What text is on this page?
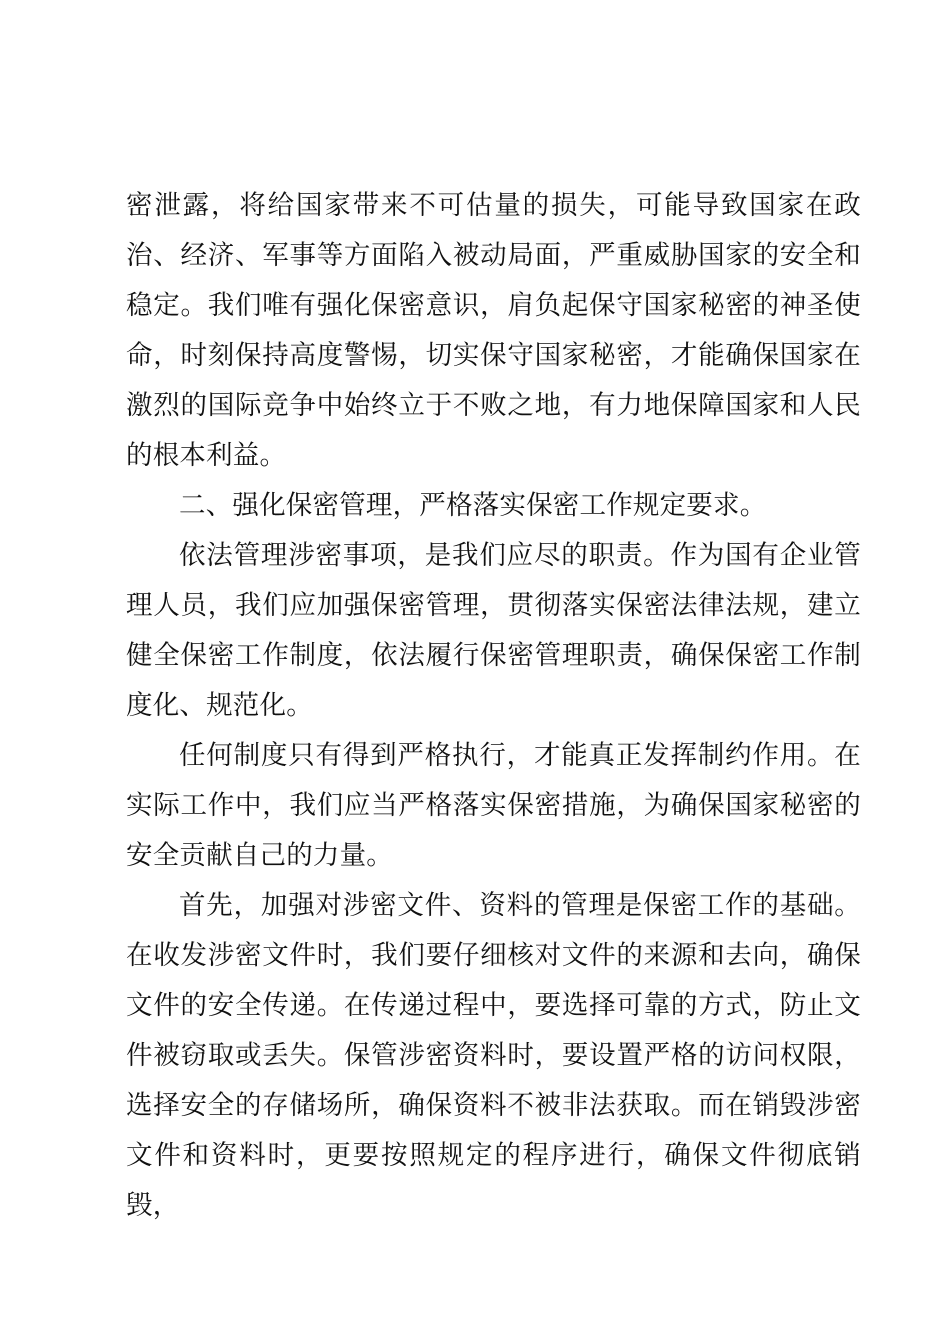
密泄露，将给国家带来不可估量的损失，可能导致国家在政治、经济、军事等方面陷入被动局面，严重威胁国家的安全和稳定。我们唯有强化保密意识，肩负起保守国家秘密的神圣使命，时刻保持高度警惕，切实保守国家秘密，才能确保国家在激烈的国际竞争中始终立于不败之地，有力地保障国家和人民的根本利益。

二、强化保密管理，严格落实保密工作规定要求。

依法管理涉密事项，是我们应尽的职责。作为国有企业管理人员，我们应加强保密管理，贯彻落实保密法律法规，建立健全保密工作制度，依法履行保密管理职责，确保保密工作制度化、规范化。

任何制度只有得到严格执行，才能真正发挥制约作用。在实际工作中，我们应当严格落实保密措施，为确保国家秘密的安全贡献自己的力量。

首先，加强对涉密文件、资料的管理是保密工作的基础。在收发涉密文件时，我们要仔细核对文件的来源和去向，确保文件的安全传递。在传递过程中，要选择可靠的方式，防止文件被窃取或丢失。保管涉密资料时，要设置严格的访问权限，选择安全的存储场所，确保资料不被非法获取。而在销毁涉密文件和资料时，更要按照规定的程序进行，确保文件彻底销毁，
